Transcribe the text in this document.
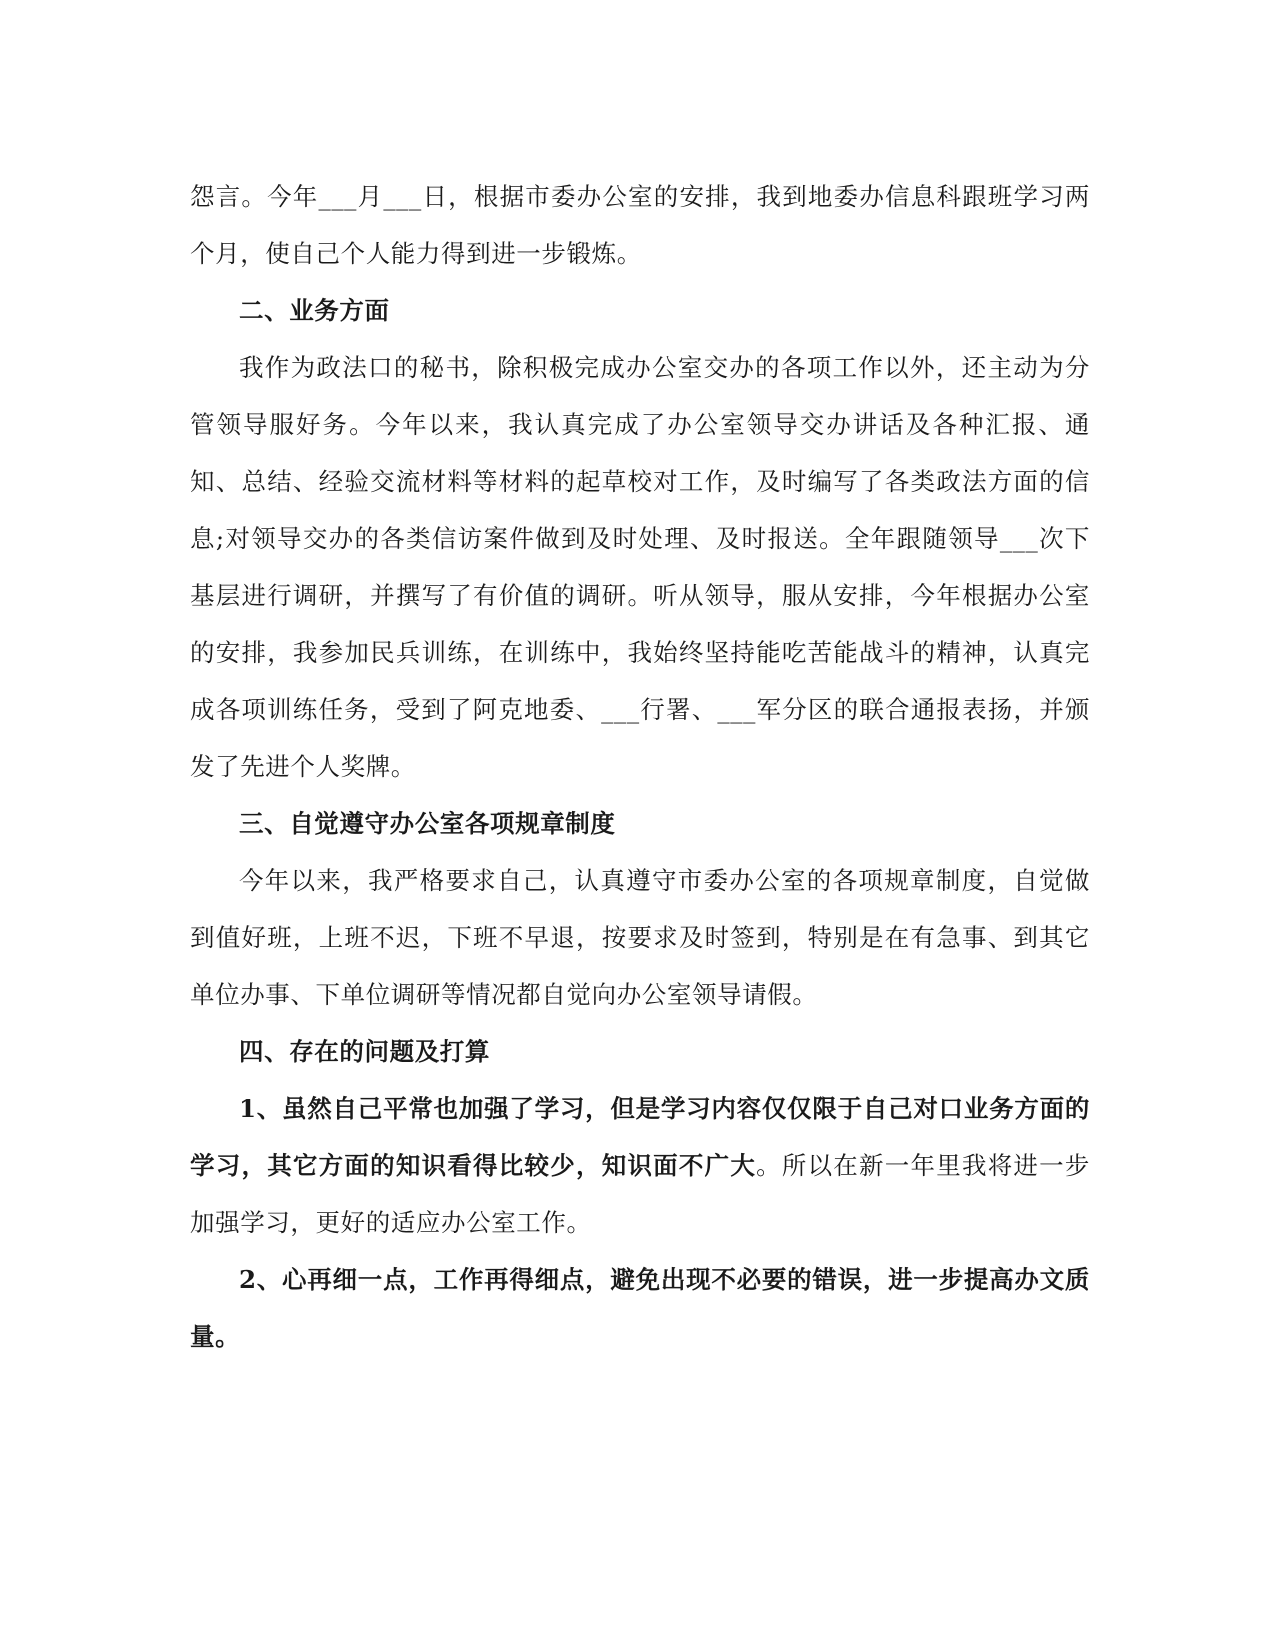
怨言。今年___月___日，根据市委办公室的安排，我到地委办信息科跟班学习两个月，使自己个人能力得到进一步锻炼。

二、业务方面

我作为政法口的秘书，除积极完成办公室交办的各项工作以外，还主动为分管领导服好务。今年以来，我认真完成了办公室领导交办讲话及各种汇报、通知、总结、经验交流材料等材料的起草校对工作，及时编写了各类政法方面的信息;对领导交办的各类信访案件做到及时处理、及时报送。全年跟随领导___次下基层进行调研，并撰写了有价值的调研。听从领导，服从安排，今年根据办公室的安排，我参加民兵训练，在训练中，我始终坚持能吃苦能战斗的精神，认真完成各项训练任务，受到了阿克地委、___行署、___军分区的联合通报表扬，并颁发了先进个人奖牌。

三、自觉遵守办公室各项规章制度

今年以来，我严格要求自己，认真遵守市委办公室的各项规章制度，自觉做到值好班，上班不迟，下班不早退，按要求及时签到，特别是在有急事、到其它单位办事、下单位调研等情况都自觉向办公室领导请假。

四、存在的问题及打算

1、虽然自己平常也加强了学习，但是学习内容仅仅限于自己对口业务方面的学习，其它方面的知识看得比较少，知识面不广大。所以在新一年里我将进一步加强学习，更好的适应办公室工作。

2、心再细一点，工作再得细点，避免出现不必要的错误，进一步提高办文质量。
